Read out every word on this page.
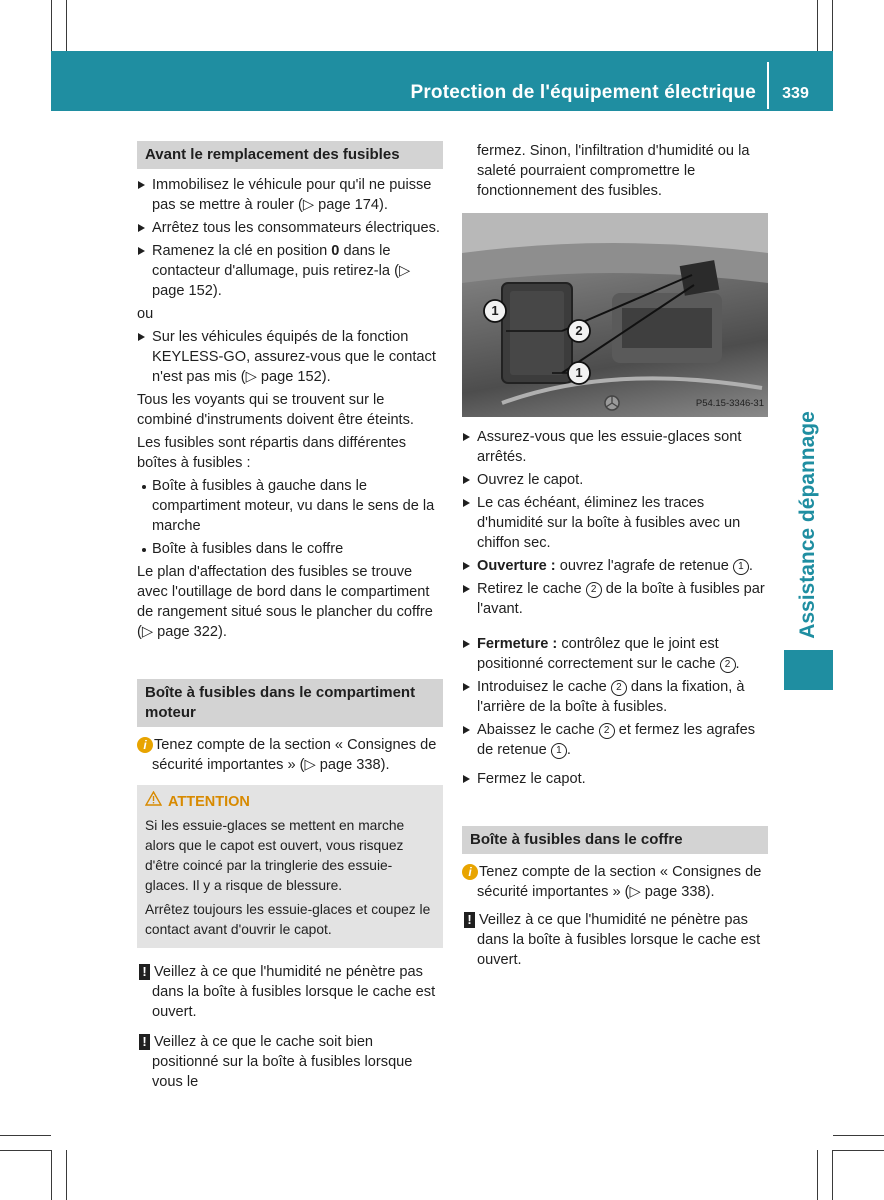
Protection de l'équipement électrique	339
Assistance dépannage
Avant le remplacement des fusibles
Immobilisez le véhicule pour qu'il ne puisse pas se mettre à rouler (▷ page 174).
Arrêtez tous les consommateurs électriques.
Ramenez la clé en position 0 dans le contacteur d'allumage, puis retirez-la (▷ page 152).
ou
Sur les véhicules équipés de la fonction KEYLESS-GO, assurez-vous que le contact n'est pas mis (▷ page 152).
Tous les voyants qui se trouvent sur le combiné d'instruments doivent être éteints.
Les fusibles sont répartis dans différentes boîtes à fusibles :
Boîte à fusibles à gauche dans le compartiment moteur, vu dans le sens de la marche
Boîte à fusibles dans le coffre
Le plan d'affectation des fusibles se trouve avec l'outillage de bord dans le compartiment de rangement situé sous le plancher du coffre (▷ page 322).
Boîte à fusibles dans le compartiment moteur
i Tenez compte de la section « Consignes de sécurité importantes » (▷ page 338).
ATTENTION
Si les essuie-glaces se mettent en marche alors que le capot est ouvert, vous risquez d'être coincé par la tringlerie des essuie-glaces. Il y a risque de blessure.
Arrêtez toujours les essuie-glaces et coupez le contact avant d'ouvrir le capot.
! Veillez à ce que l'humidité ne pénètre pas dans la boîte à fusibles lorsque le cache est ouvert.
! Veillez à ce que le cache soit bien positionné sur la boîte à fusibles lorsque vous le
fermez. Sinon, l'infiltration d'humidité ou la saleté pourraient compromettre le fonctionnement des fusibles.
1
2
1
P54.15-3346-31
Assurez-vous que les essuie-glaces sont arrêtés.
Ouvrez le capot.
Le cas échéant, éliminez les traces d'humidité sur la boîte à fusibles avec un chiffon sec.
Ouverture : ouvrez l'agrafe de retenue 1 .
Retirez le cache 2 de la boîte à fusibles par l'avant.
Fermeture : contrôlez que le joint est positionné correctement sur le cache 2 .
Introduisez le cache 2 dans la fixation, à l'arrière de la boîte à fusibles.
Abaissez le cache 2 et fermez les agrafes de retenue 1 .
Fermez le capot.
Boîte à fusibles dans le coffre
i Tenez compte de la section « Consignes de sécurité importantes » (▷ page 338).
! Veillez à ce que l'humidité ne pénètre pas dans la boîte à fusibles lorsque le cache est ouvert.
